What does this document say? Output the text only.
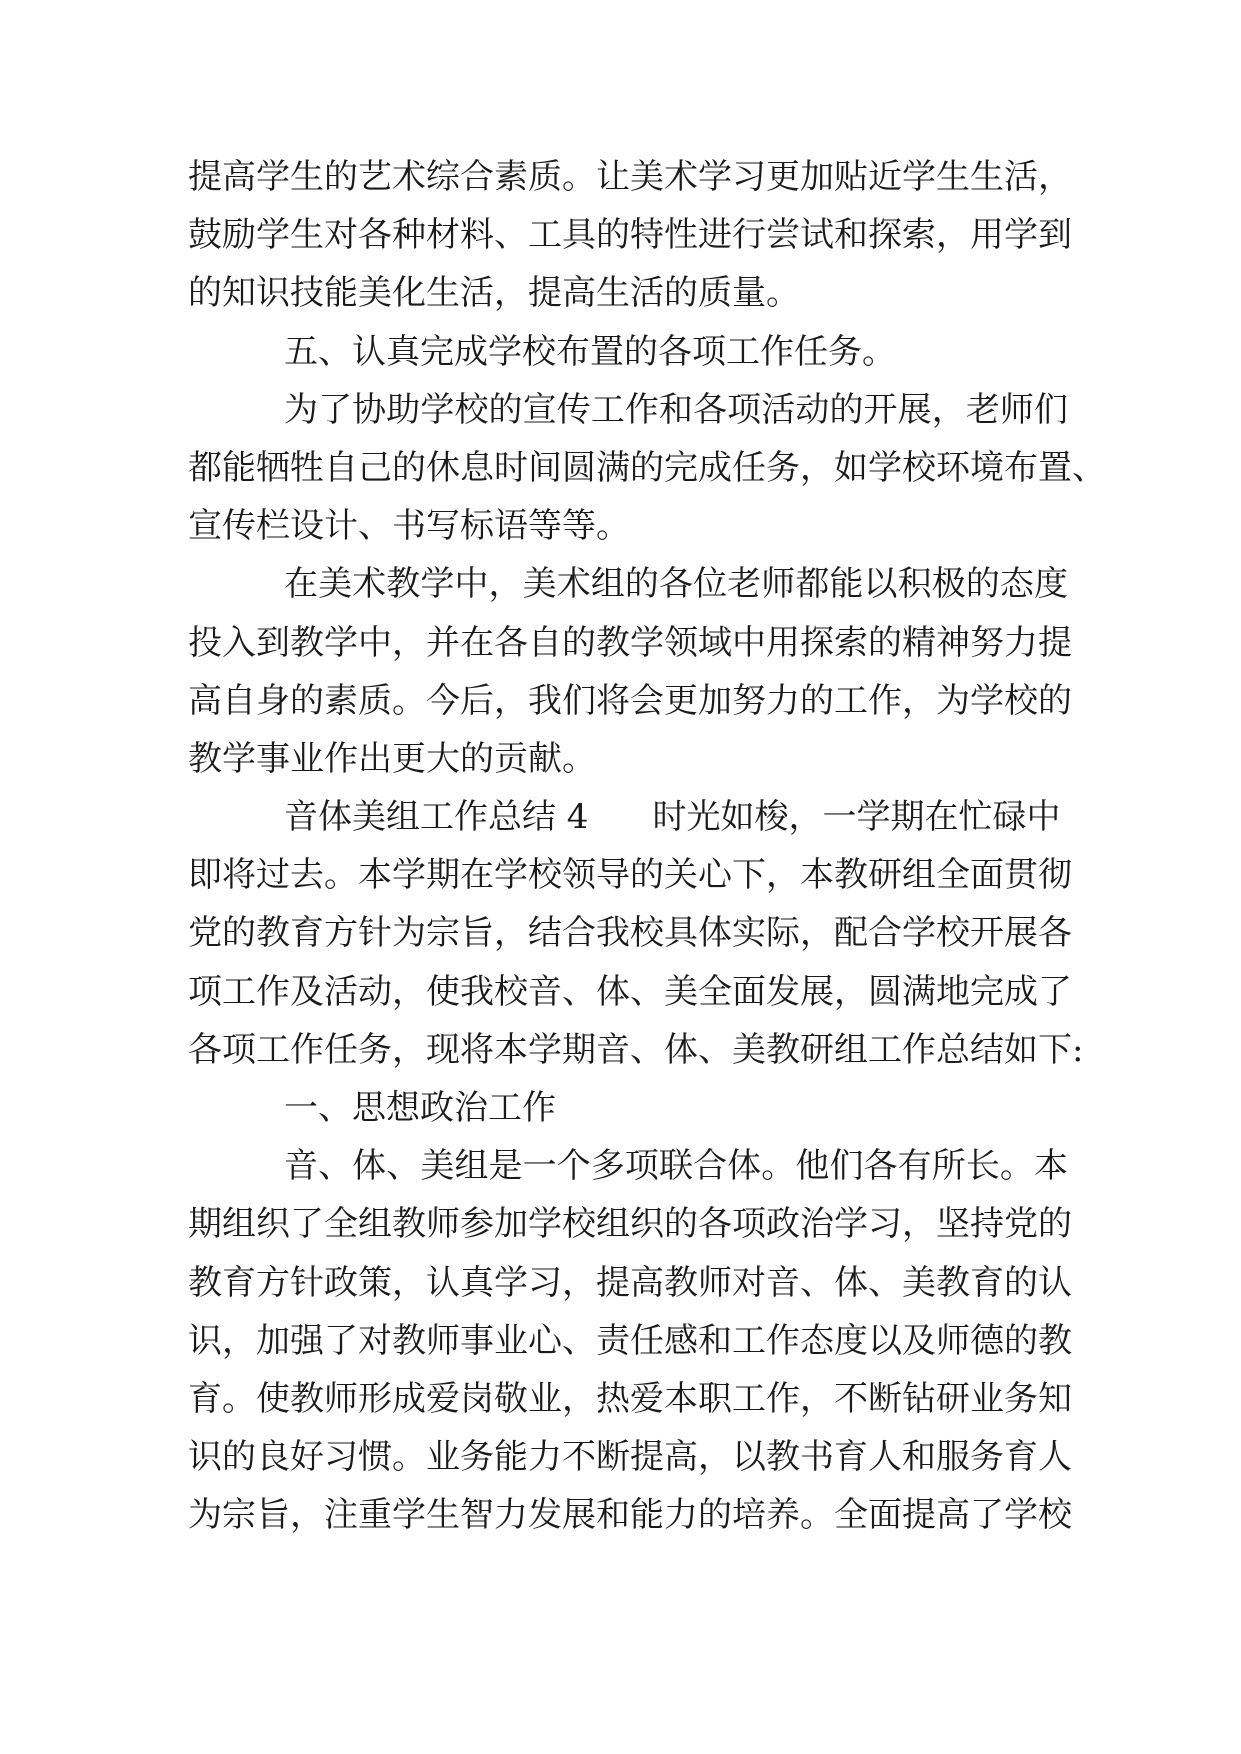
提高学生的艺术综合素质。让美术学习更加贴近学生生活，
鼓励学生对各种材料、工具的特性进行尝试和探索，用学到
的知识技能美化生活，提高生活的质量。
五、认真完成学校布置的各项工作任务。
为了协助学校的宣传工作和各项活动的开展，老师们
都能牺牲自己的休息时间圆满的完成任务，如学校环境布置、
宣传栏设计、书写标语等等。
在美术教学中，美术组的各位老师都能以积极的态度
投入到教学中，并在各自的教学领域中用探索的精神努力提
高自身的素质。今后，我们将会更加努力的工作，为学校的
教学事业作出更大的贡献。
音体美组工作总结 4 时光如梭，一学期在忙碌中
即将过去。本学期在学校领导的关心下，本教研组全面贯彻
党的教育方针为宗旨，结合我校具体实际，配合学校开展各
项工作及活动，使我校音、体、美全面发展，圆满地完成了
各项工作任务，现将本学期音、体、美教研组工作总结如下:
一、思想政治工作
音、体、美组是一个多项联合体。他们各有所长。本
期组织了全组教师参加学校组织的各项政治学习，坚持党的
教育方针政策，认真学习，提高教师对音、体、美教育的认
识，加强了对教师事业心、责任感和工作态度以及师德的教
育。使教师形成爱岗敬业，热爱本职工作，不断钻研业务知
识的良好习惯。业务能力不断提高，以教书育人和服务育人
为宗旨，注重学生智力发展和能力的培养。全面提高了学校
